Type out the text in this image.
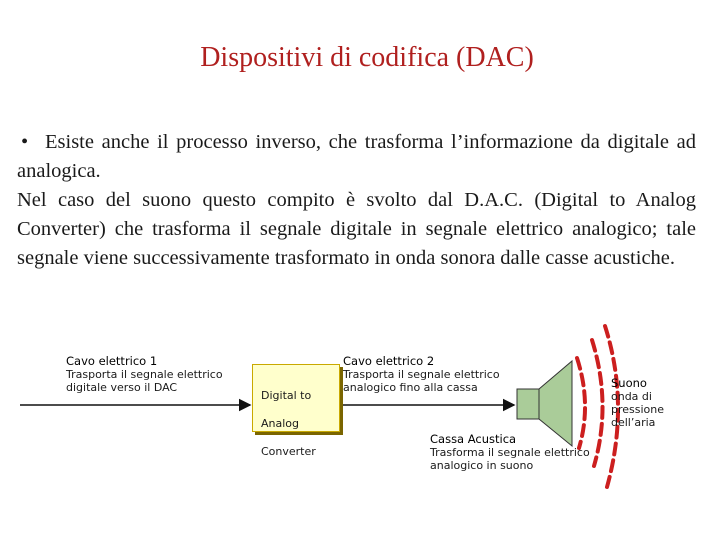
Dispositivi di codifica (DAC)

• Esiste anche il processo inverso, che trasforma l’informazione da digitale ad analogica.

Nel caso del suono questo compito è svolto dal D.A.C. (Digital to Analog Converter) che trasforma il segnale digitale in segnale elettrico analogico; tale segnale viene successivamente trasformato in onda sonora dalle casse acustiche.

Cavo elettrico 1
Trasporta il segnale elettrico
digitale verso il DAC

Digital to

Analog

Converter

Cavo elettrico 2
Trasporta il segnale elettrico
analogico fino alla cassa
Cassa Acustica
Trasforma il segnale elettrico
analogico in suono
Suono
onda di
pressione
dell’aria
